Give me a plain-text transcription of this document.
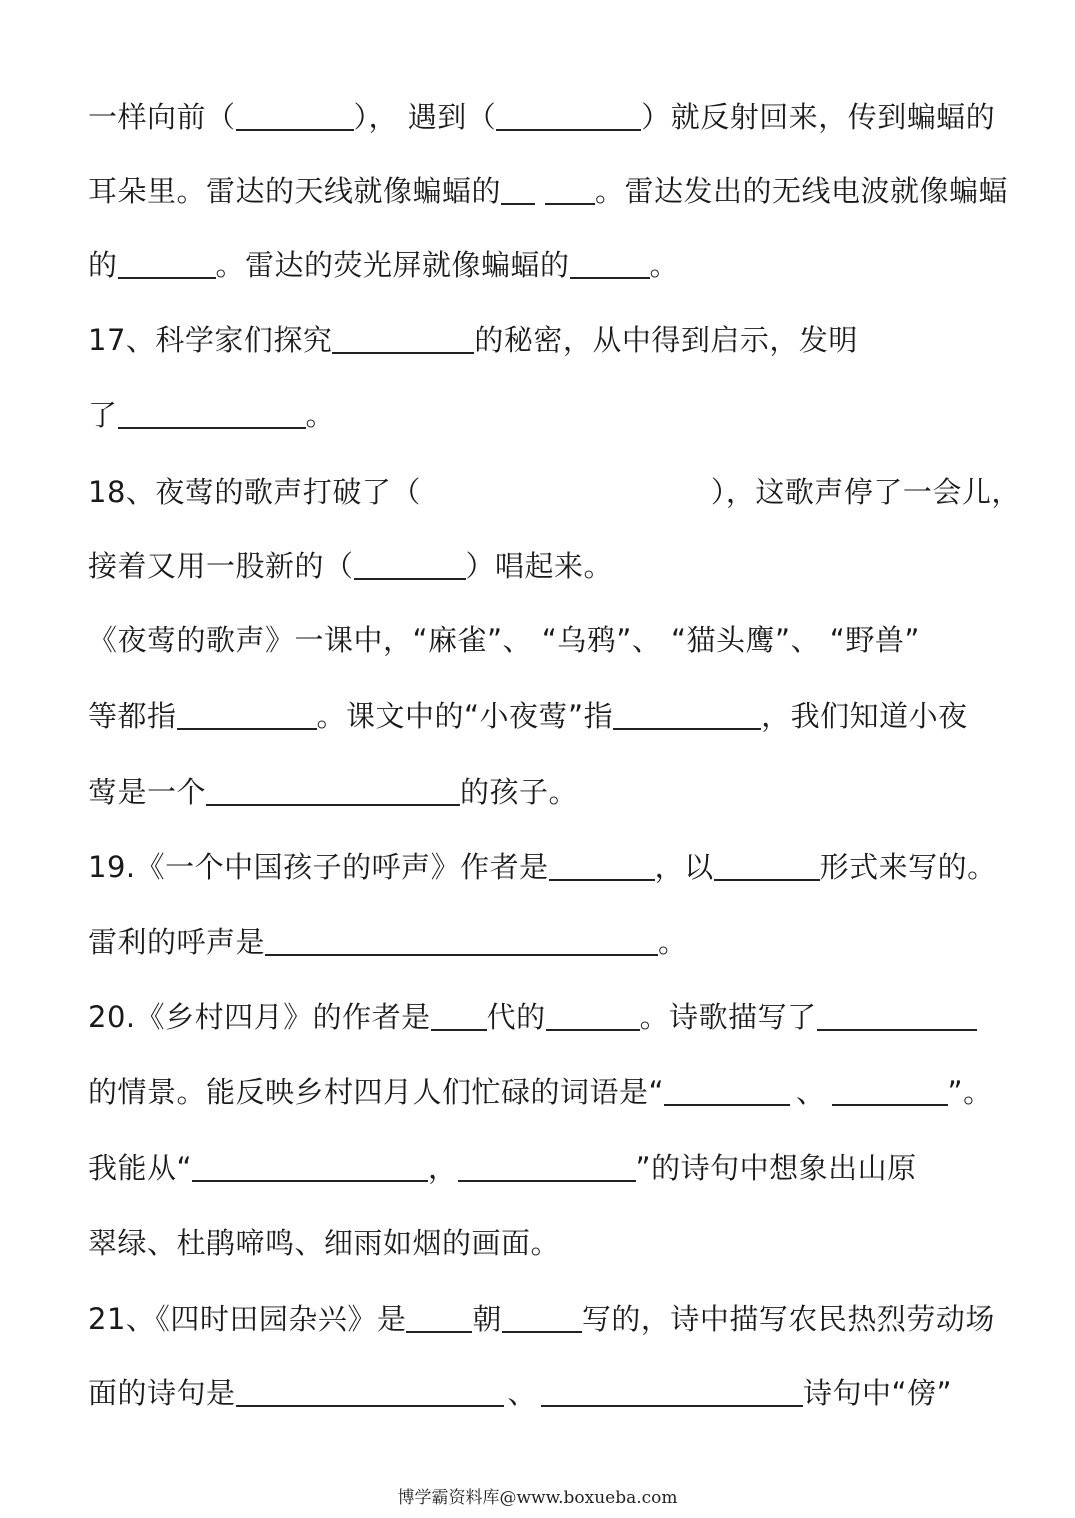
一样向前（	）， 遇到（	）就反射回来，传到蝙蝠的
耳朵里。雷达的天线就像蝙蝠的	。雷达发出的无线电波就像蝙蝠
的	。雷达的荧光屏就像蝙蝠的	。
17、科学家们探究	的秘密，从中得到启示，发明
了	。
18、夜莺的歌声打破了（	），这歌声停了一会儿，
接着又用一股新的（	）唱起来。
《夜莺的歌声》一课中，“麻雀”、 “乌鸦”、 “猫头鹰”、 “野兽”
等都指	。课文中的“小夜莺”指	，我们知道小夜
莺是一个	的孩子。
19.《一个中国孩子的呼声》作者是	，以	形式来写的。
雷利的呼声是	。
20.《乡村四月》的作者是 代的	。诗歌描写了
的情景。能反映乡村四月人们忙碌的词语是“	、	”。
我能从“	，	”的诗句中想象出山原
翠绿、杜鹃啼鸣、细雨如烟的画面。
21、《四时田园杂兴》是 朝	写的，诗中描写农民热烈劳动场
面的诗句是	、	诗句中“傍”
博学霸资料库@www.boxueba.com
